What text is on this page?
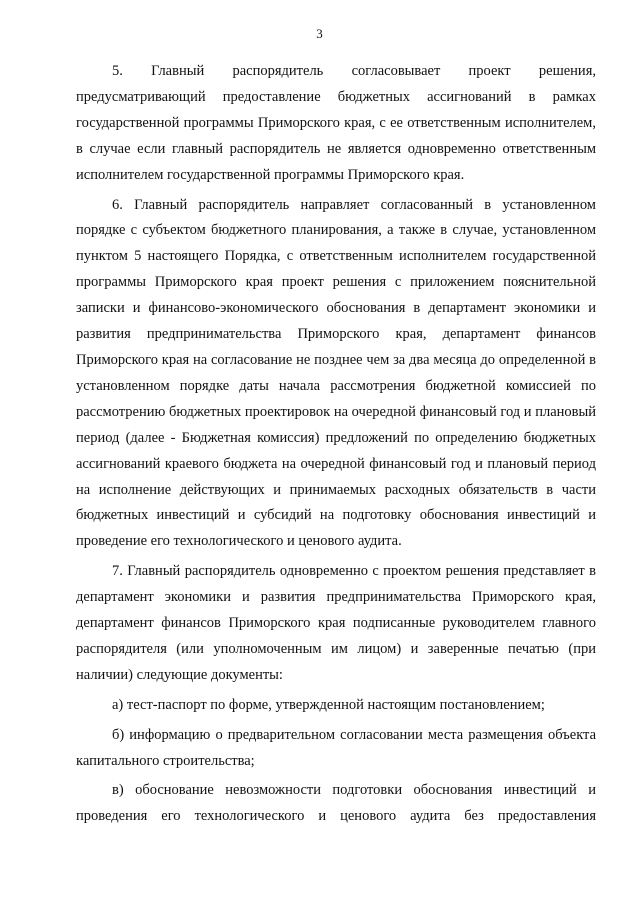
3

5. Главный распорядитель согласовывает проект решения, предусматривающий предоставление бюджетных ассигнований в рамках государственной программы Приморского края, с ее ответственным исполнителем, в случае если главный распорядитель не является одновременно ответственным исполнителем государственной программы Приморского края.

6. Главный распорядитель направляет согласованный в установленном порядке с субъектом бюджетного планирования, а также в случае, установленном пунктом 5 настоящего Порядка, с ответственным исполнителем государственной программы Приморского края проект решения с приложением пояснительной записки и финансово-экономического обоснования в департамент экономики и развития предпринимательства Приморского края, департамент финансов Приморского края на согласование не позднее чем за два месяца до определенной в установленном порядке даты начала рассмотрения бюджетной комиссией по рассмотрению бюджетных проектировок на очередной финансовый год и плановый период (далее - Бюджетная комиссия) предложений по определению бюджетных ассигнований краевого бюджета на очередной финансовый год и плановый период на исполнение действующих и принимаемых расходных обязательств в части бюджетных инвестиций и субсидий на подготовку обоснования инвестиций и проведение его технологического и ценового аудита.

7. Главный распорядитель одновременно с проектом решения представляет в департамент экономики и развития предпринимательства Приморского края, департамент финансов Приморского края подписанные руководителем главного распорядителя (или уполномоченным им лицом) и заверенные печатью (при наличии) следующие документы:

а) тест-паспорт по форме, утвержденной настоящим постановлением;

б) информацию о предварительном согласовании места размещения объекта капитального строительства;

в) обоснование невозможности подготовки обоснования инвестиций и проведения его технологического и ценового аудита без предоставления
